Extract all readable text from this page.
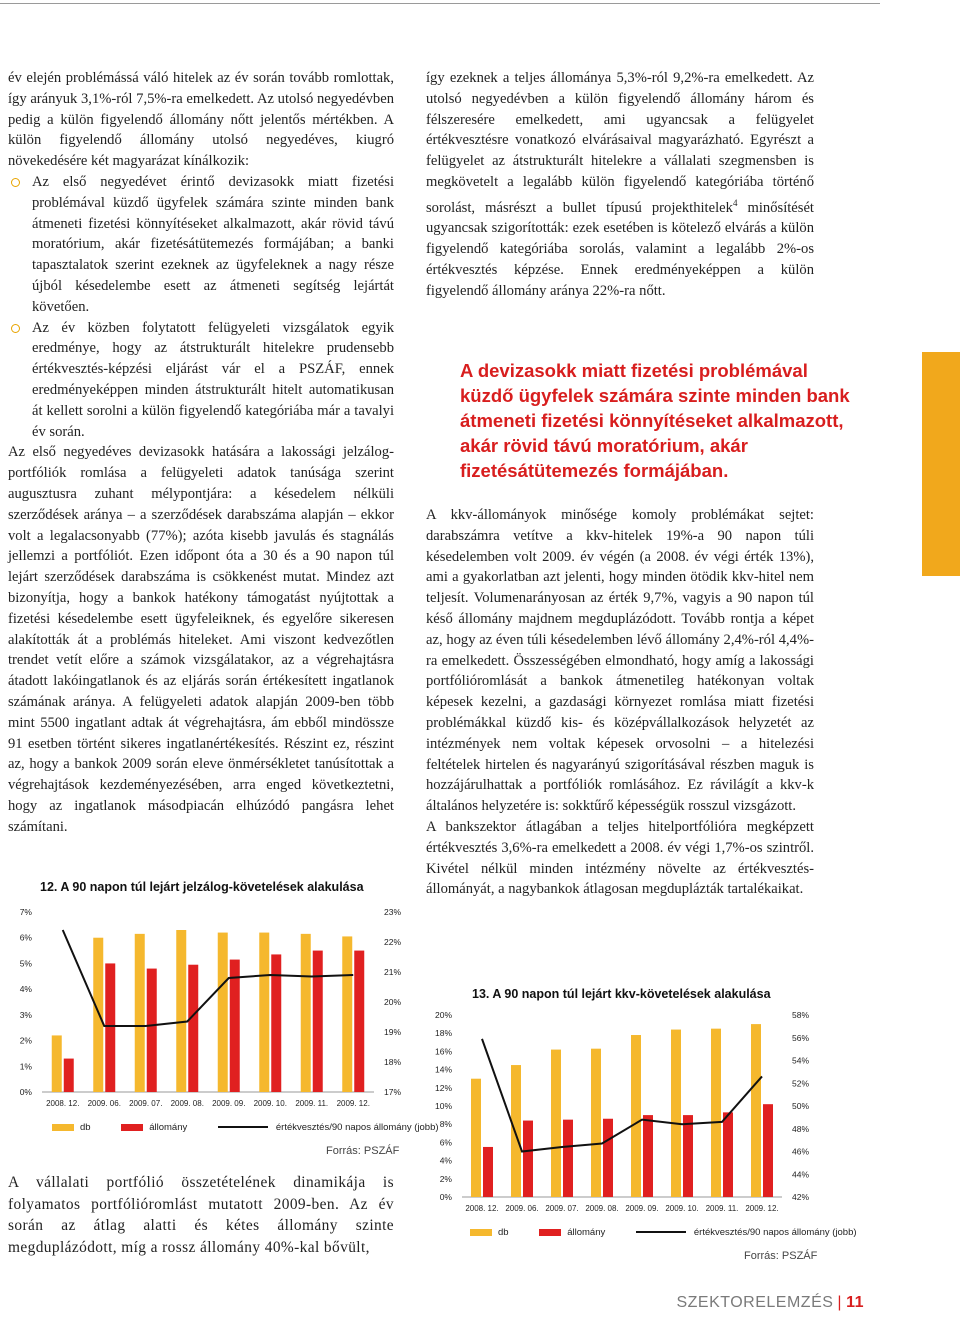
év elején problémássá váló hitelek az év során tovább romlottak, így arányuk 3,1%-ról 7,5%-ra emelkedett. Az utolsó negyedévben pedig a külön figyelendő állomány nőtt jelentős mértékben. A külön figyelendő állomány utolsó negyedéves, kiugró növekedésére két magyarázat kínálkozik:

Az első negyedévet érintő devizasokk miatt fizetési problémával küzdő ügyfelek számára szinte minden bank átmeneti fizetési könnyítéseket alkalmazott, akár rövid távú moratórium, akár fizetésátütemezés formájában; a banki tapasztalatok szerint ezeknek az ügyfeleknek a nagy része újból késedelembe esett az átmeneti segítség lejártát követően.
Az év közben folytatott felügyeleti vizsgálatok egyik eredménye, hogy az átstrukturált hitelekre prudensebb értékvesztés-képzési eljárást vár el a PSZÁF, ennek eredményeképpen minden átstrukturált hitelt automatikusan át kellett sorolni a külön figyelendő kategóriába már a tavalyi év során.

Az első negyedéves devizasokk hatására a lakossági jelzálog-portfóliók romlása a felügyeleti adatok tanúsága szerint augusztusra zuhant mélypontjára: a késedelem nélküli szerződések aránya – a szerződések darabszáma alapján – ekkor volt a legalacsonyabb (77%); azóta kisebb javulás és stagnálás jellemzi a portfóliót. Ezen időpont óta a 30 és a 90 napon túl lejárt szerződések darabszáma is csökkenést mutat. Mindez azt bizonyítja, hogy a bankok hatékony támogatást nyújtottak a fizetési késedelembe esett ügyfeleiknek, és egyelőre sikeresen alakították át a problémás hiteleket. Ami viszont kedvezőtlen trendet vetít előre a számok vizsgálatakor, az a végrehajtásra átadott lakóingatlanok és az eljárás során értékesített ingatlanok számának aránya. A felügyeleti adatok alapján 2009-ben több mint 5500 ingatlant adtak át végrehajtásra, ám ebből mindössze 91 esetben történt sikeres ingatlanértékesítés. Részint ez, részint az, hogy a bankok 2009 során eleve önmérsékletet tanúsítottak a végrehajtások kezdeményezésében, arra enged következtetni, hogy az ingatlanok másodpiacán elhúzódó pangásra lehet számítani.

A vállalati portfólió összetételének dinamikája is folyamatos portfólióromlást mutatott 2009-ben. Az év során az átlag alatti és kétes állomány szinte megduplázódott, míg a rossz állomány 40%-kal bővült,

így ezeknek a teljes állománya 5,3%-ról 9,2%-ra emelkedett. Az utolsó negyedévben a külön figyelendő állomány három és félszeresére emelkedett, ami ugyancsak a felügyelet értékvesztésre vonatkozó elvárásaival magyarázható. Egyrészt a felügyelet az átstrukturált hitelekre a vállalati szegmensben is megkövetelt a legalább külön figyelendő kategóriába történő sorolást, másrészt a bullet típusú projekthitelek$^4$ minősítését ugyancsak szigorították: ezek esetében is kötelező elvárás a külön figyelendő kategóriába sorolás, valamint a legalább 2%-os értékvesztés képzése. Ennek eredményeképpen a külön figyelendő állomány aránya 22%-ra nőtt.

A devizasokk miatt fizetési problémával küzdő ügyfelek számára szinte minden bank átmeneti fizetési könnyítéseket alkalmazott, akár rövid távú moratórium, akár fizetésátütemezés formájában.

A kkv-állományok minősége komoly problémákat sejtet: darabszámra vetítve a kkv-hitelek 19%-a 90 napon túli késedelemben volt 2009. év végén (a 2008. év végi érték 13%), ami a gyakorlatban azt jelenti, hogy minden ötödik kkv-hitel nem teljesít. Volumenarányosan az érték 9,7%, vagyis a 90 napon túl késő állomány majdnem megduplázódott. Tovább rontja a képet az, hogy az éven túli késedelemben lévő állomány 2,4%-ról 4,4%-ra emelkedett. Összességében elmondható, hogy amíg a lakossági portfólióromlását a bankok átmenetileg hatékonyan voltak képesek kezelni, a gazdasági környezet romlása miatt fizetési problémákkal küzdő kis- és középvállalkozások helyzetét az intézmények nem voltak képesek orvosolni – a hitelezési feltételek hirtelen és nagyarányú szigorításával részben maguk is hozzájárulhattak a portfóliók romlásához. Ez rávilágít a kkv-k általános helyzetére is: sokktűrő képességük rosszul vizsgázott.

A bankszektor átlagában a teljes hitelportfólióra megképzett értékvesztés 3,6%-ra emelkedett a 2008. év végi 1,7%-os szintről. Kivétel nélkül minden intézmény növelte az értékvesztés-állományát, a nagybankok átlagosan megduplázták tartalékaikat.

12. A 90 napon túl lejárt jelzálog-követelések alakulása
0%
1%
2%
3%
4%
5%
6%
7%
17%
18%
19%
20%
21%
22%
23%
2008. 12. 2009. 06. 2009. 07. 2009. 08. 2009. 09. 2009. 10. 2009. 11. 2009. 12.
db	állomány	értékvesztés/90 napos állomány (jobb)
Forrás: PSZÁF
13. A 90 napon túl lejárt kkv-követelések alakulása
0%
2%
4%
6%
8%
10%
12%
14%
16%
18%
20%
42%
44%
46%
48%
50%
52%
54%
56%
58%
2008. 12. 2009. 06. 2009. 07. 2009. 08. 2009. 09. 2009. 10. 2009. 11. 2009. 12.
db	állomány	értékvesztés/90 napos állomány (jobb)
Forrás: PSZÁF
SZEKTORELEMZÉS | 11
